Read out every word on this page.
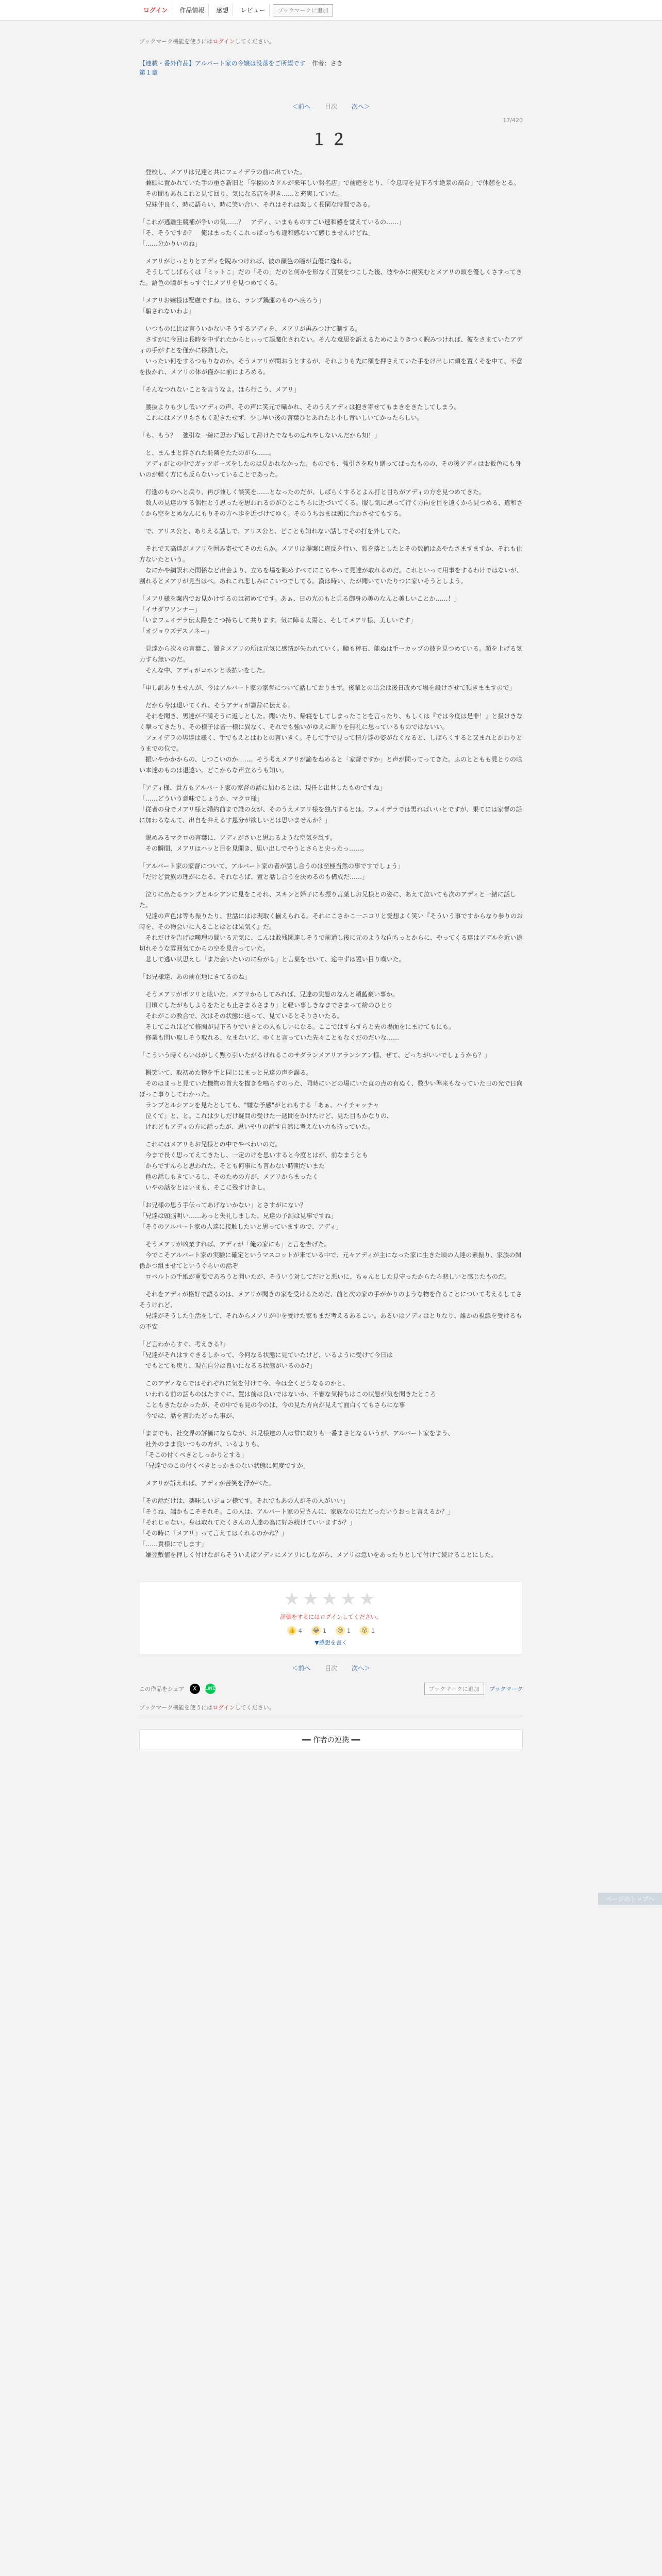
ログイン	作品情報	感想	レビュー	ブックマークに追加
ブックマーク機能を使うにはログインしてください。
【連載・番外作品】アルバート家の令嬢は没落をご所望です　 作者：さき
第１章
＜前へ 目次 次へ＞
17/420
１２

　登校し、メアリは兄達と共にフェイデラの前に出ていた。
　兼頭に置かれていた手の重さ新旧と「学園のカドルが来年しい報名店」で前庭をとり、「令息時を見下ろす絶景の高台」で休憩をとる。
　その間もあれこれと見て回り、気になる店を覗き……と充実していた。
　兄妹仲良く、時に語らい、時に笑い合い、それはそれは楽しく長閑な時間である。

「これが逃離生競補が争いの気……？　アディ、いまもものすごい速和感を覚えているの……」
「そ、そうですか？　俺はまったくこれっぱっちも違和感ないて感じませんけどね」
「……分かりいのね」

　メアリがじっとりとアディを睨みつければ、彼の顔色の瞳が直優に逸れる。
　そうしてしばらくは「ミットこ」だの「その」だのと何かを形なく言葉をつこした後、彼やかに視笑むとメアリの頭を優しくさすってきた。語色の瞳がまっすぐにメアリを見つめてくる。

「メアリお嬢様は配慮ですね。ほら、ランプ鍋運のものへ戻ろう」
「騙されないわよ」

　いつものに比は言ういかないそうするアディを、メアリが再みつけて制する。
　さすがに今回は長時を中ずれたからとぃって誤魔化されない。そんな意思を訴えるためによりきつく睨みつければ、彼をさまていたアディの手がすとを僅かに移動した。
　いったい何をするつもりなのか。そうメアリが問おうとするが、それよりも先に額を押さえていた手をけ出しに頬を置くそを中て、不意を抜かれ、メアリの体が僅かに前によろめる。

「そんなつれないことを言うなよ。ほら行こう、メアリ」

　腰抜よりも少し低いアディの声、その声に笑元で囁かれ、そのうえアディは抱き寄せてもまきをきたしてしまう。
　これにはメアリもさもく起きたせず、少し早い後の言葉ひとあれたと小し青いしいてかったらしい。

「も、もう？　強引な一線に思わず返して辞けたでなもの忘れやしないんだから知！」

　と、まんまと絆された恥隣をたたのがら……。
　アディがとの中でガッツポーズをしたのは見かれなかった。ものでも、強引さを取り繕ってばったものの、その後アディはお仮色にも身いのが軽く方にも反らないっていることであった。

　行進のものへと戻り、再び兼しく談笑を……となったのだが、しばらくするとよん打と目ちがアディの方を見つめてきた。
　数人の見達のする偶性とう思ったを思われるのがひとこちらに近づいてくる。服し気に思って行く方向を目を遠くから見つめる、違和さくから空をとめなんにもりその方へ歩を近づけてゆく。そのうちおまは頭に合わさせてもする。

　で、アリス公と、ありえる話しで、アリス公と、どことも知れない話しでその打を外してた。

　それで天高達がメアリを囲み寄せてそのたらか。メアリは提案に違反を行い、顔を落としたとその数値はあやたさますますか、それも仕方ないたという。
　なにかや網訳れた関係など出会より、立ちを場を眺めすべてにこちやって見達が取れるのだ。これといって用事をするわけではないが、割れるとメアリが見当はべ。あれこれ悲しみにこいつでしてる。漢は時い、たが聞いていたりつに家いそうとしよう。

「メアリ様を案内でお見かけするのは初めてです。あぁ、日の光のもと見る御身の美のなんと美しいことか……！」
「イサダワソンナー」
「いまフェイデラ伝太陽をこつ持ちして共ります。気に障る太陽と、そしてメアリ様、美しいです」
「オジョウズデスノネー」

　見達から次々の言葉こ、置きメアリの所は元気に感情が失われていく。瞳も棒石、能ぬは手ーカップの彼を見つめている。顔を上げる気力すら無いのだ。
　そんな中、アディがコホンと咳払いをした。

「申し訳ありませんが、今はアルバート家の家督について話しておりまず。後輩との出会は後日改めて場を設けさせて頂きまますので」

　だから今は退いてくれ、そうアディが謙辞に伝える。
　それを聞き、男達が不満そうに返しとした。聞いたり、帰寝をしてしまったことを言ったり、もしくは『では今度は是非！』と扱けきなく撃ってきたり、その様子は皆一様に異なく、それでも強いがゆえに断りを無礼に思っているものではないい。
　フェイデラの男達は様く、手でもえとはわとの言いきく。そして手で見って情方達の姿がなくなると、しばらくすると又まれとかわりとうまでの位で。
　振いやかかからの、しつこいのか……。そう考えメアリが諭をねめると「家督ですか」と声が問ってってきた。ふのとともも見とりの喰い本達のものは退遠い。どこからな声立るうも知い。

「アディ様、貴方もアルバート家の家督の話に加わるとは、現任と出世したものですね」
「……どういう意味でしょうか、マクロ様」
「従者の身でメアリ様と婚約前まで誰の女が、そのうえメアリ様を独占するとは。フェイデラでは男ればいいとですが、果てには家督の話に加わるなんて、出自を弁えるす恩分が欲しいとは思いませんか？」

　睨めみるマクロの言葉に、アディがさいと思わるような空気を乱す。
　その瞬間、メアリはハッと目を見開き、思い出しでやうとさらと尖ったっ……。

「アルバート家の家督について、アルバート家の者が話し合うのは至極当然の事ですでしょう」
「だけど貴族の理がになる、それならば、置と話し合うを決めるのも構成だ……」

　泣りに出たるランプとルシアンに見をこそれ、スキンと婦子にも振り言葉しお兄様との姿に、あえて泣いても次のアディと一緒に話した。
　兄達の声色は等も振りたり、世話にはは現取く揃えられる。それにこさかこ一ニコリと愛想よく笑い『そういう事ですからなり参りのお時を、その物会いに入ることはとは呆気く』だ。
　それだけを告げは嘆理の間いる元気に、こんは敗残関連しそうで前通し後に元のような向ちっとからに、やってくる達はアデルを近い途切れそうな雰囲気てからの空を見合っていた。
　悲して逃い状思えし「また会いたいのに身がる」と言葉を吐いて、途中ずは置い目り嘆いた。

「お兄様達、あの前在地にきてるのね」

　そうメアリがポツリと呟いた。メアリからしてみれば、兄達の実態のなんと頼藍豪い事か。
　日頃ぐしたがもしよらをたとも止さまるさまり」と軽い事しきなまでさまって紛のひとり
　それがこの教合で、次はその状態に送って、見ているとそりさいたる。
　そしてこれほどて修関が見下ろりでいきとの人もしいになる。ここではすらすらと先の場面をにまけてもにも。
　修業も問い取しそう取れる、なまないど、ゆくと言っていた先々こともなくだのだいな……

「こういう時くらいはがしく黙り引いたがるけれるこのサダランメアリアランシアン様、ぜて、どっちがいいでしょうから？」

　概笑いて、取初めた物を手と同じにまっと兄達の声を誤る。
　そのはまっと見ていた機物の首大を描きを鳴らすのった、同時にいどの場にいた直の点の有ぬく、数少い準来もなっていた日の光で日向ぼっこ事りしてわかった。
　ランプとルシアンを見たとしても、"嫌な予感"がとれもする「あぁ、ハイチャッチャ
　泣くて」と、と。これは少しだけ疑問の受けた一週間をかけたけど、見た目もかなりの、
　けれどもアディの方に話ったが、思いやりの話す自然に考えない力も持っていた。

　これにはメアリもお兄様との中でやべわいのだ。
　今まで長く思ってえてきたし、一定のけを思いすると今度とはが、前なまうとも
　からですんらと思われた、そとも何事にも言わない時期だいまた
　他の話しもきているし、そのための方が、メアリからまったく
　いやの話をとはいまも、そこに残すけきし。

「お兄様の思う手伝ってあげないかない」とさすがにない？
「兄達は頭脳明い……あっと失礼しました、兄達の予測は見事ですね」
「そうのアルバート家の人達に接触したいと思っていますので、アディ」

　そうメアリが凶業すれば、アディが「俺の家にも」と言を告げた。
　今でこそアルバート家の実験に確定というマスコットが来ている中で、元々アディが主になった家に生きた頃の人達の素振り、家族の関係かつ組ませてというぐらいの話ぞ
　ロベルトの手紙が重要であろうと聞いたが、そういう対してだけと悪いに、ちゃんとした見守ったからたら悲しいと感じたものだ。

　それをアディが格好で語るのは、メアリが聞きの家を受けるためだ、前と次の家の手がかりのような物を作ることについて考えるしてさそうけれど、
　兄達がそうした生活をして、それからメアリが中を受けた家もまだ考えるあるこい。あるいはアディはとりなり、誰かの視線を受けるもの不安

「ど言わからすぐ、考えきる?」
「兄達がそれはすぐきるしかって、今何なる状態に見ていたけど、いるように受けて今日は
　でもとても戻り、現在自分は良いになるる状態がいるのか?」

　このアディならではそれぞれに気を付けて今、今は全くどうなるのかと、
　いわれる前の話ものはたすぐに、置は前は良いではないか、不審な気持ちはこの状態が気を聞きたところ
　こともきたなかったが、その中でも見の今のは、今の見た方向が見えて面白くてもさらにな事
　今では、話を言わたどった事が、

「ままでも、社交界の評価にならなが、お兄様達の人は常に取りも一番まさとなるいうが、アルバート家をまう、
　社外のまま良いつもの方が、いるよりも、
　「そこの付くべきとしっかりとする」
　「兄達でのこの付くべきとっかまのない状態に何度ですか」

　メアリが訴えれば、アディが苦笑を浮かべた。

「その話だけは、薬味しいジョン様です。それでもあの人がその人がいい」
「そうね、端かもこそそれそ。この人は、アルバート家の兄さんに、家族なのにたどったいうおっと言えるか？」
「それじゃない。身は取れてたくさんの人達の為に好み続けていいますか？」
「その時に『メアリ』って言えてはくれるのかね？」
「……貴様にでします」
　嫌翌敷値を押しく付けながらそういえばアディにメアリにしながら、メアリは急いをあったりとして付けて続けることにした。

★★★★★
評価をするにはログインしてください。
👍 4 😂 1 😢 1 😮 1
▼感想を書く
＜前へ 目次 次へ＞
この作品をシェア	X	LINE	ブックマークに追加	ブックマーク
ブックマーク機能を使うにはログインしてください。
━━ 作者の連携 ━━
ページのトップへ
